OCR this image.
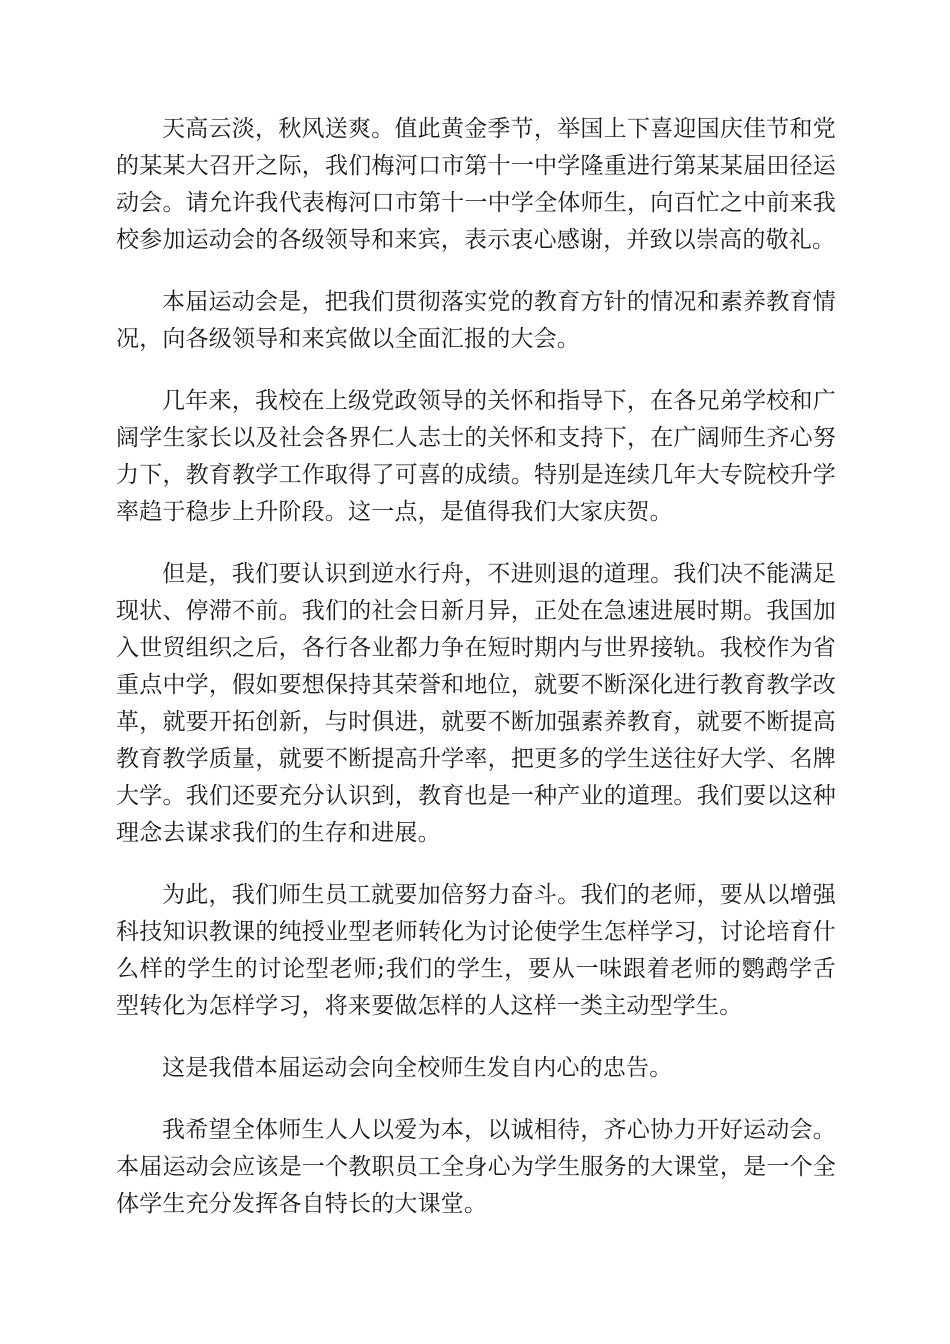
天高云淡，秋风送爽。值此黄金季节，举国上下喜迎国庆佳节和党的某某大召开之际，我们梅河口市第十一中学隆重进行第某某届田径运动会。请允许我代表梅河口市第十一中学全体师生，向百忙之中前来我校参加运动会的各级领导和来宾，表示衷心感谢，并致以崇高的敬礼。

本届运动会是，把我们贯彻落实党的教育方针的情况和素养教育情况，向各级领导和来宾做以全面汇报的大会。

几年来，我校在上级党政领导的关怀和指导下，在各兄弟学校和广阔学生家长以及社会各界仁人志士的关怀和支持下，在广阔师生齐心努力下，教育教学工作取得了可喜的成绩。特别是连续几年大专院校升学率趋于稳步上升阶段。这一点，是值得我们大家庆贺。

但是，我们要认识到逆水行舟，不进则退的道理。我们决不能满足现状、停滞不前。我们的社会日新月异，正处在急速进展时期。我国加入世贸组织之后，各行各业都力争在短时期内与世界接轨。我校作为省重点中学，假如要想保持其荣誉和地位，就要不断深化进行教育教学改革，就要开拓创新，与时俱进，就要不断加强素养教育，就要不断提高教育教学质量，就要不断提高升学率，把更多的学生送往好大学、名牌大学。我们还要充分认识到，教育也是一种产业的道理。我们要以这种理念去谋求我们的生存和进展。

为此，我们师生员工就要加倍努力奋斗。我们的老师，要从以增强科技知识教课的纯授业型老师转化为讨论使学生怎样学习，讨论培育什么样的学生的讨论型老师;我们的学生，要从一味跟着老师的鹦鹉学舌型转化为怎样学习，将来要做怎样的人这样一类主动型学生。

这是我借本届运动会向全校师生发自内心的忠告。

我希望全体师生人人以爱为本，以诚相待，齐心协力开好运动会。本届运动会应该是一个教职员工全身心为学生服务的大课堂，是一个全体学生充分发挥各自特长的大课堂。
